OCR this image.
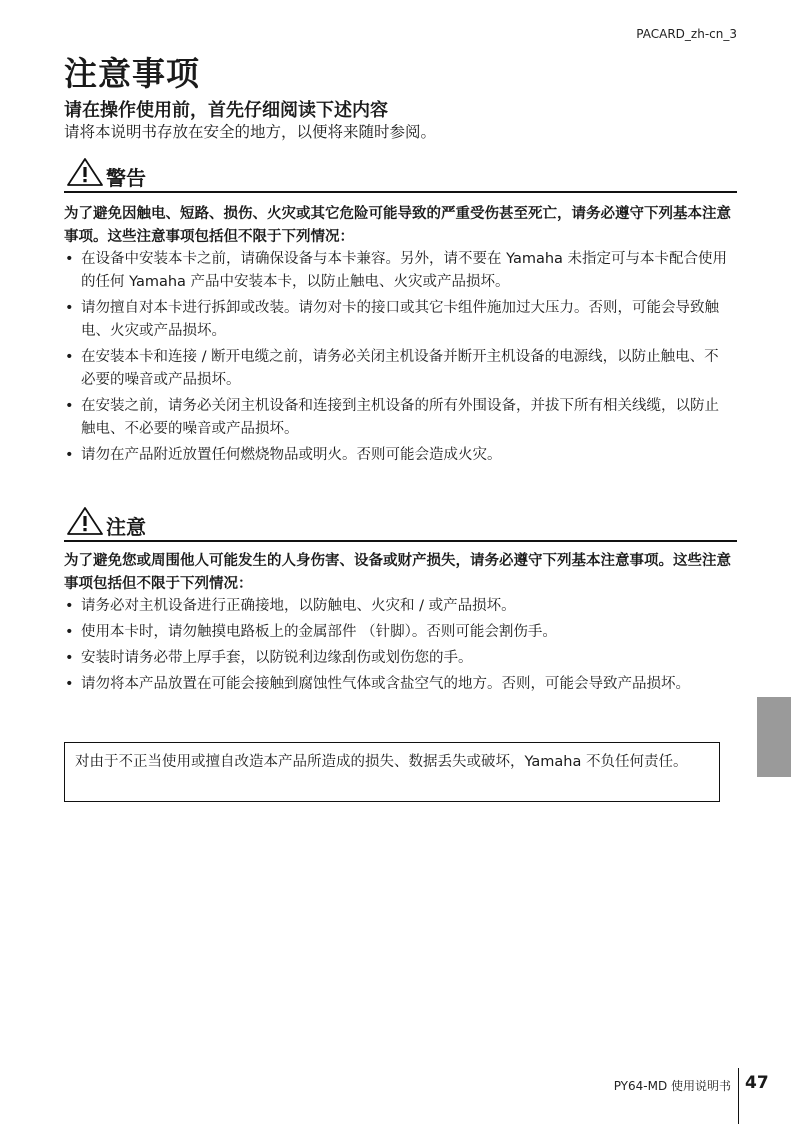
PACARD_zh-cn_3
注意事项
请在操作使用前，首先仔细阅读下述内容

请将本说明书存放在安全的地方，以便将来随时参阅。

警告

为了避免因触电、短路、损伤、火灾或其它危险可能导致的严重受伤甚至死亡，请务必遵守下列基本注意事项。这些注意事项包括但不限于下列情况：

• 在设备中安装本卡之前，请确保设备与本卡兼容。另外，请不要在 Yamaha 未指定可与本卡配合使用的任何 Yamaha 产品中安装本卡，以防止触电、火灾或产品损坏。
• 请勿擅自对本卡进行拆卸或改装。请勿对卡的接口或其它卡组件施加过大压力。否则，可能会导致触电、火灾或产品损坏。
• 在安装本卡和连接 / 断开电缆之前，请务必关闭主机设备并断开主机设备的电源线，以防止触电、不必要的噪音或产品损坏。
• 在安装之前，请务必关闭主机设备和连接到主机设备的所有外围设备，并拔下所有相关线缆，以防止触电、不必要的噪音或产品损坏。
• 请勿在产品附近放置任何燃烧物品或明火。否则可能会造成火灾。
注意

为了避免您或周围他人可能发生的人身伤害、设备或财产损失，请务必遵守下列基本注意事项。这些注意事项包括但不限于下列情况：

• 请务必对主机设备进行正确接地，以防触电、火灾和 / 或产品损坏。
• 使用本卡时，请勿触摸电路板上的金属部件 （针脚）。否则可能会割伤手。
• 安装时请务必带上厚手套，以防锐利边缘刮伤或划伤您的手。
• 请勿将本产品放置在可能会接触到腐蚀性气体或含盐空气的地方。否则，可能会导致产品损坏。

对由于不正当使用或擅自改造本产品所造成的损失、数据丢失或破坏，Yamaha 不负任何责任。

PY64-MD 使用说明书 47
